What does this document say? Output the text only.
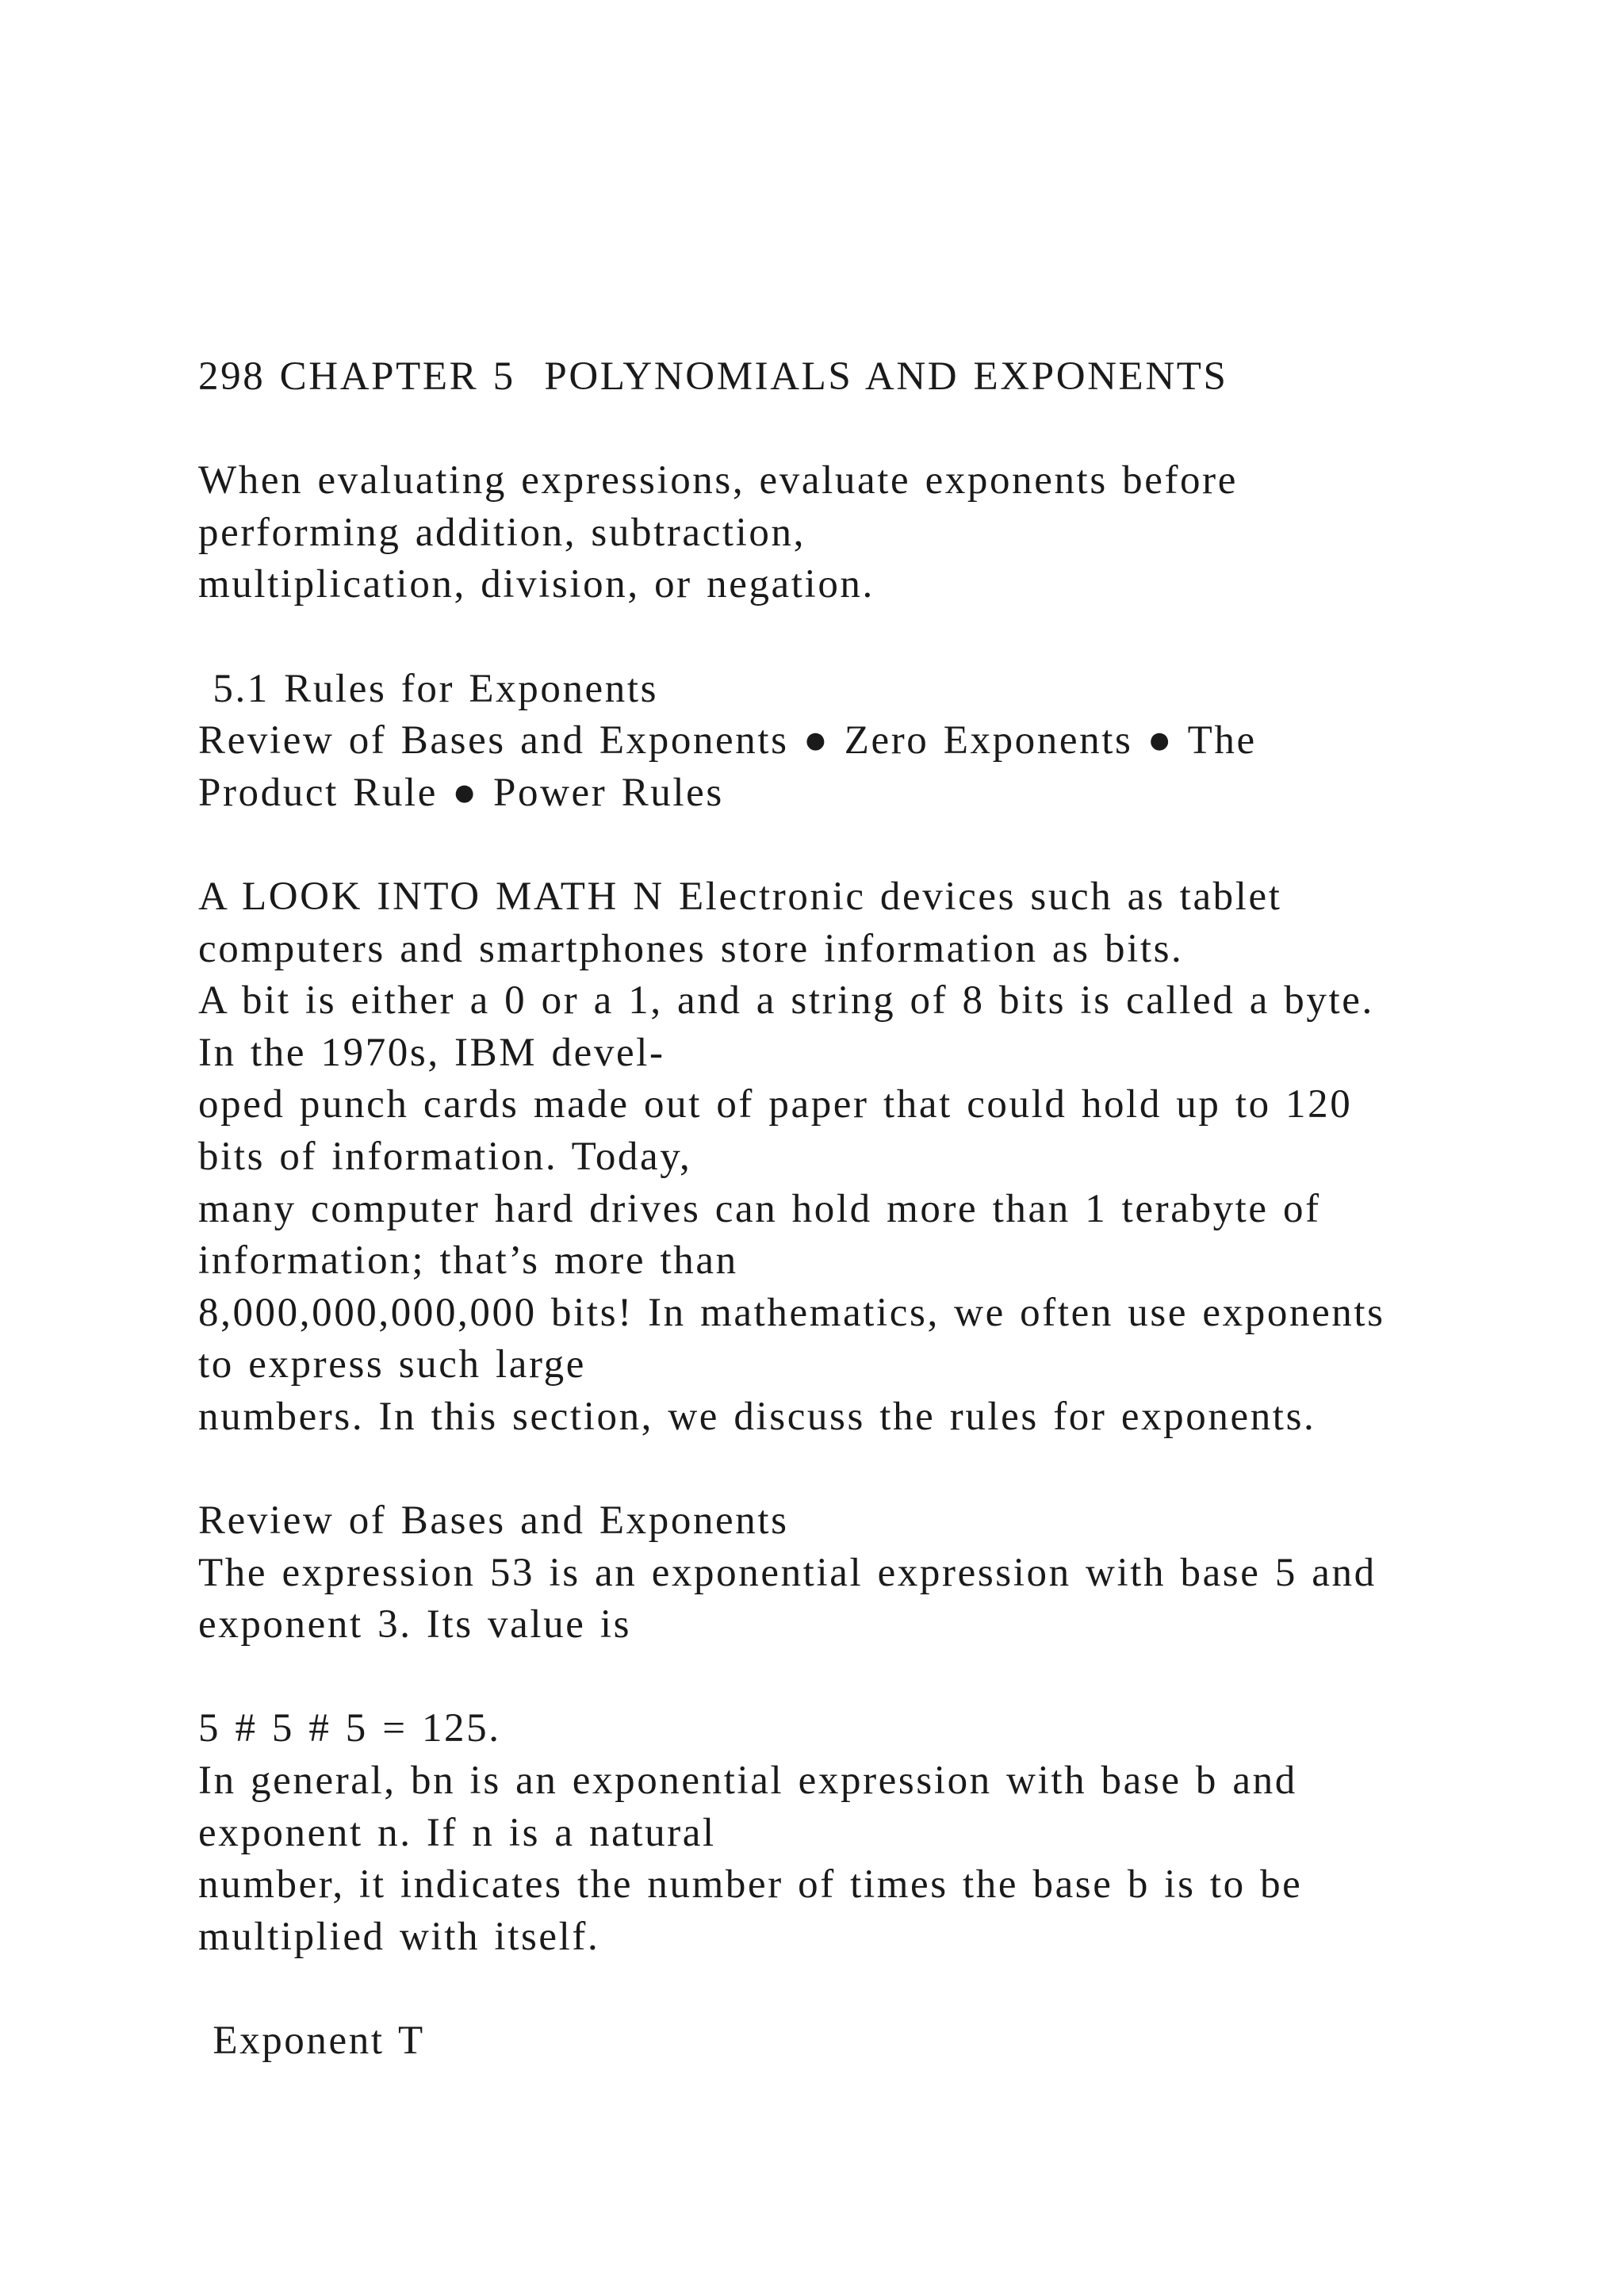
298 CHAPTER 5  POLYNOMIALS AND EXPONENTS
When evaluating expressions, evaluate exponents before
performing addition, subtraction,
multiplication, division, or negation.
5.1 Rules for Exponents
Review of Bases and Exponents ● Zero Exponents ● The
Product Rule ● Power Rules
A LOOK INTO MATH N Electronic devices such as tablet
computers and smartphones store information as bits.
A bit is either a 0 or a 1, and a string of 8 bits is called a byte.
In the 1970s, IBM devel-
oped punch cards made out of paper that could hold up to 120
bits of information. Today,
many computer hard drives can hold more than 1 terabyte of
information; that’s more than
8,000,000,000,000 bits! In mathematics, we often use exponents
to express such large
numbers. In this section, we discuss the rules for exponents.
Review of Bases and Exponents
The expression 53 is an exponential expression with base 5 and
exponent 3. Its value is
5 # 5 # 5 = 125.
In general, bn is an exponential expression with base b and
exponent n. If n is a natural
number, it indicates the number of times the base b is to be
multiplied with itself.
Exponent T
